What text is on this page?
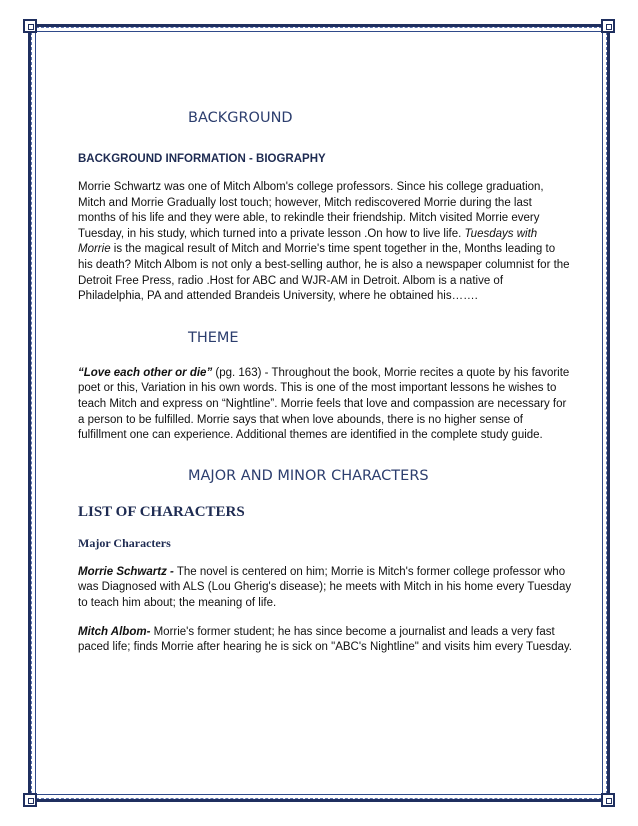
BACKGROUND

BACKGROUND INFORMATION - BIOGRAPHY

Morrie Schwartz was one of Mitch Albom's college professors. Since his college graduation, Mitch and Morrie Gradually lost touch; however, Mitch rediscovered Morrie during the last months of his life and they were able, to rekindle their friendship. Mitch visited Morrie every Tuesday, in his study, which turned into a private lesson .On how to live life. Tuesdays with Morrie is the magical result of Mitch and Morrie's time spent together in the, Months leading to his death? Mitch Albom is not only a best-selling author, he is also a newspaper columnist for the Detroit Free Press, radio .Host for ABC and WJR-AM in Detroit. Albom is a native of Philadelphia, PA and attended Brandeis University, where he obtained his…….

THEME

“Love each other or die” (pg. 163) - Throughout the book, Morrie recites a quote by his favorite poet or this, Variation in his own words. This is one of the most important lessons he wishes to teach Mitch and express on “Nightline”. Morrie feels that love and compassion are necessary for a person to be fulfilled. Morrie says that when love abounds, there is no higher sense of fulfillment one can experience. Additional themes are identified in the complete study guide.

MAJOR AND MINOR CHARACTERS

LIST OF CHARACTERS

Major Characters

Morrie Schwartz - The novel is centered on him; Morrie is Mitch's former college professor who was Diagnosed with ALS (Lou Gherig's disease); he meets with Mitch in his home every Tuesday to teach him about; the meaning of life.

Mitch Albom- Morrie's former student; he has since become a journalist and leads a very fast paced life; finds Morrie after hearing he is sick on "ABC's Nightline" and visits him every Tuesday.
